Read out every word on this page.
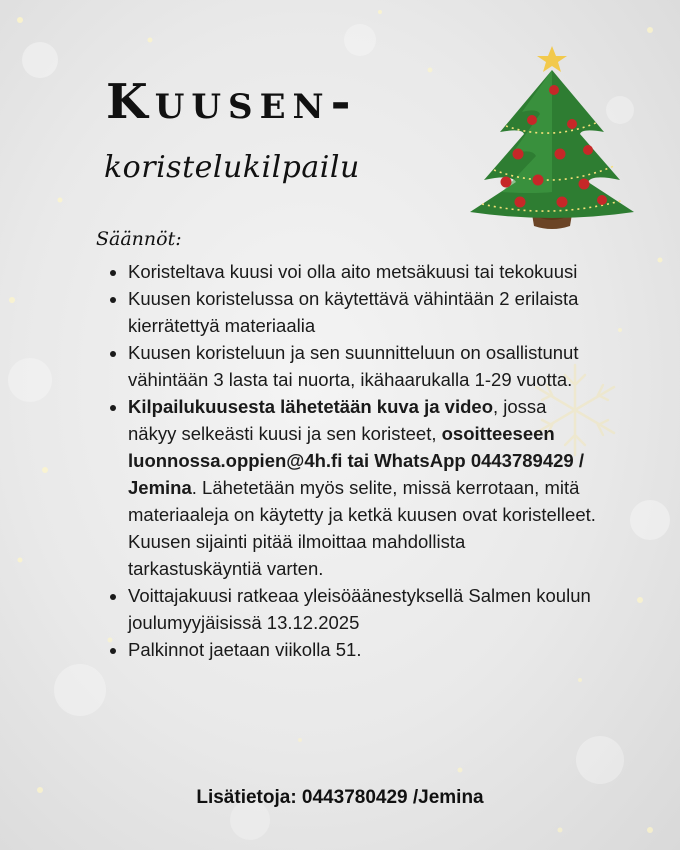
Kuusen-
koristelukilpailu
Säännöt:
• Koristeltava kuusi voi olla aito metsäkuusi tai tekokuusi
• Kuusen koristelussa on käytettävä vähintään 2 erilaista kierrätettyä materiaalia
• Kuusen koristeluun ja sen suunnitteluun on osallistunut vähintään 3 lasta tai nuorta, ikähaarukalla 1-29 vuotta.
• Kilpailukuusesta lähetetään kuva ja video, jossa näkyy selkeästi kuusi ja sen koristeet, osoitteeseen luonnossa.oppien@4h.fi tai WhatsApp 0443789429 / Jemina. Lähetetään myös selite, missä kerrotaan, mitä materiaaleja on käytetty ja ketkä kuusen ovat koristelleet. Kuusen sijainti pitää ilmoittaa mahdollista tarkastuskäyntiä varten.
• Voittajakuusi ratkeaa yleisöäänestyksellä Salmen koulun joulumyyjäisissä 13.12.2025
• Palkinnot jaetaan viikolla 51.
Lisätietoja: 0443780429 /Jemina
